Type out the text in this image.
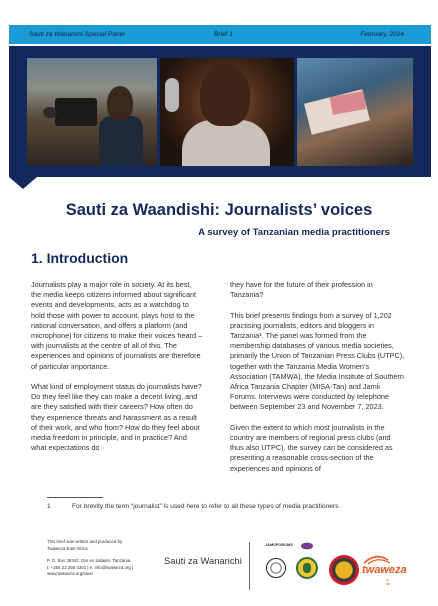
Sauti za Wananchi Special Panel	Brief 1	February, 2024
Sauti za Waandishi: Journalists’ voices
A survey of Tanzanian media practitioners
1. Introduction

Journalists play a major role in society. At its best, the media keeps citizens informed about significant events and developments, acts as a watchdog to hold those with power to account, plays host to the national conversation, and offers a platform (and microphone) for citizens to make their voices heard – with journalists at the centre of all of this. The experiences and opinions of journalists are therefore of particular importance.

What kind of employment status do journalists have? Do they feel like they can make a decent living, and are they satisfied with their careers? How often do they experience threats and harassment as a result of their work, and who from? How do they feel about media freedom in principle, and in practice? And what expectations do

they have for the future of their profession in Tanzania?

This brief presents findings from a survey of 1,202 practising journalists, editors and bloggers in Tanzania¹. The panel was formed from the membership databases of various media societies, primarily the Union of Tanzanian Press Clubs (UTPC), together with the Tanzania Media Women’s Association (TAMWA), the Media Institute of Southern Africa Tanzania Chapter (MISA-Tan) and Jamii Forums. Interviews were conducted by telephone between September 23 and November 7, 2023.

Given the extent to which most journalists in the country are members of regional press clubs (and thus also UTPC), the survey can be considered as presenting a reasonable cross-section of the experiences and opinions of

1	For brevity the term “journalist” is used here to refer to all these types of media practitioners.
This brief was written and produced by
Twaweza East Africa.
P. O. Box 38342, Dar es Salaam, Tanzania.
t: +255 22 266 4301 | e: info@twaweza.org |
www.twaweza.org/sauti
Sauti za Wananchi
JAMIIFORUMS
twaweza
ni sisi
